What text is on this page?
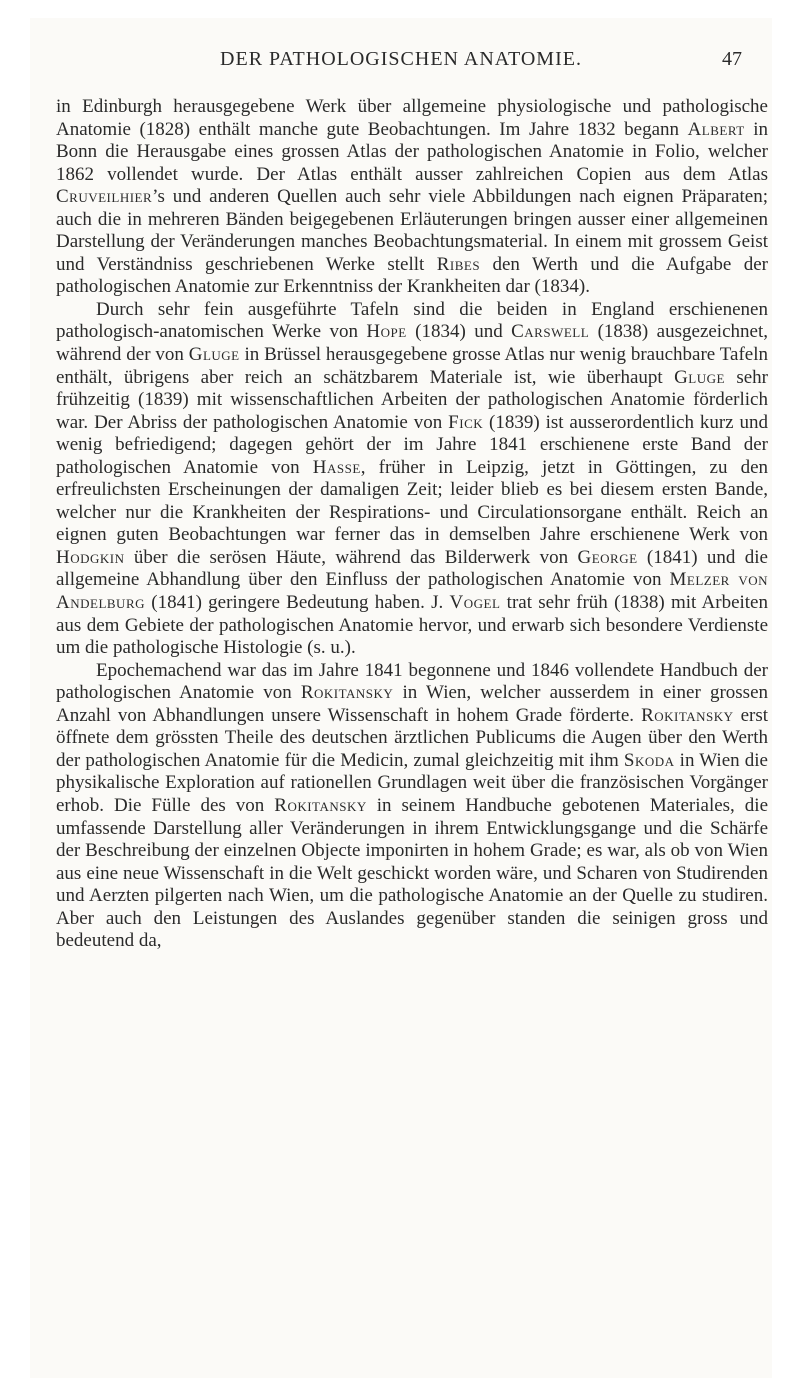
DER PATHOLOGISCHEN ANATOMIE.	47

in Edinburgh herausgegebene Werk über allgemeine physiologische und pathologische Anatomie (1828) enthält manche gute Beobachtungen. Im Jahre 1832 begann Albert in Bonn die Herausgabe eines grossen Atlas der pathologischen Anatomie in Folio, welcher 1862 vollendet wurde. Der Atlas enthält ausser zahlreichen Copien aus dem Atlas Cruveilhier’s und anderen Quellen auch sehr viele Abbildungen nach eignen Präparaten; auch die in mehreren Bänden beigegebenen Erläuterungen bringen ausser einer allgemeinen Darstellung der Veränderungen manches Beobachtungsmaterial. In einem mit grossem Geist und Verständniss geschriebenen Werke stellt Ribes den Werth und die Aufgabe der pathologischen Anatomie zur Erkenntniss der Krankheiten dar (1834).

Durch sehr fein ausgeführte Tafeln sind die beiden in England erschienenen pathologisch-anatomischen Werke von Hope (1834) und Carswell (1838) ausgezeichnet, während der von Gluge in Brüssel herausgegebene grosse Atlas nur wenig brauchbare Tafeln enthält, übrigens aber reich an schätzbarem Materiale ist, wie überhaupt Gluge sehr frühzeitig (1839) mit wissenschaftlichen Arbeiten der pathologischen Anatomie förderlich war. Der Abriss der pathologischen Anatomie von Fick (1839) ist ausserordentlich kurz und wenig befriedigend; dagegen gehört der im Jahre 1841 erschienene erste Band der pathologischen Anatomie von Hasse, früher in Leipzig, jetzt in Göttingen, zu den erfreulichsten Erscheinungen der damaligen Zeit; leider blieb es bei diesem ersten Bande, welcher nur die Krankheiten der Respirations- und Circulationsorgane enthält. Reich an eignen guten Beobachtungen war ferner das in demselben Jahre erschienene Werk von Hodgkin über die serösen Häute, während das Bilderwerk von George (1841) und die allgemeine Abhandlung über den Einfluss der pathologischen Anatomie von Melzer von Andelburg (1841) geringere Bedeutung haben. J. Vogel trat sehr früh (1838) mit Arbeiten aus dem Gebiete der pathologischen Anatomie hervor, und erwarb sich besondere Verdienste um die pathologische Histologie (s. u.).

Epochemachend war das im Jahre 1841 begonnene und 1846 vollendete Handbuch der pathologischen Anatomie von Rokitansky in Wien, welcher ausserdem in einer grossen Anzahl von Abhandlungen unsere Wissenschaft in hohem Grade förderte. Rokitansky erst öffnete dem grössten Theile des deutschen ärztlichen Publicums die Augen über den Werth der pathologischen Anatomie für die Medicin, zumal gleichzeitig mit ihm Skoda in Wien die physikalische Exploration auf rationellen Grundlagen weit über die französischen Vorgänger erhob. Die Fülle des von Rokitansky in seinem Handbuche gebotenen Materiales, die umfassende Darstellung aller Veränderungen in ihrem Entwicklungsgange und die Schärfe der Beschreibung der einzelnen Objecte imponirten in hohem Grade; es war, als ob von Wien aus eine neue Wissenschaft in die Welt geschickt worden wäre, und Scharen von Studirenden und Aerzten pilgerten nach Wien, um die pathologische Anatomie an der Quelle zu studiren. Aber auch den Leistungen des Auslandes gegenüber standen die seinigen gross und bedeutend da,
